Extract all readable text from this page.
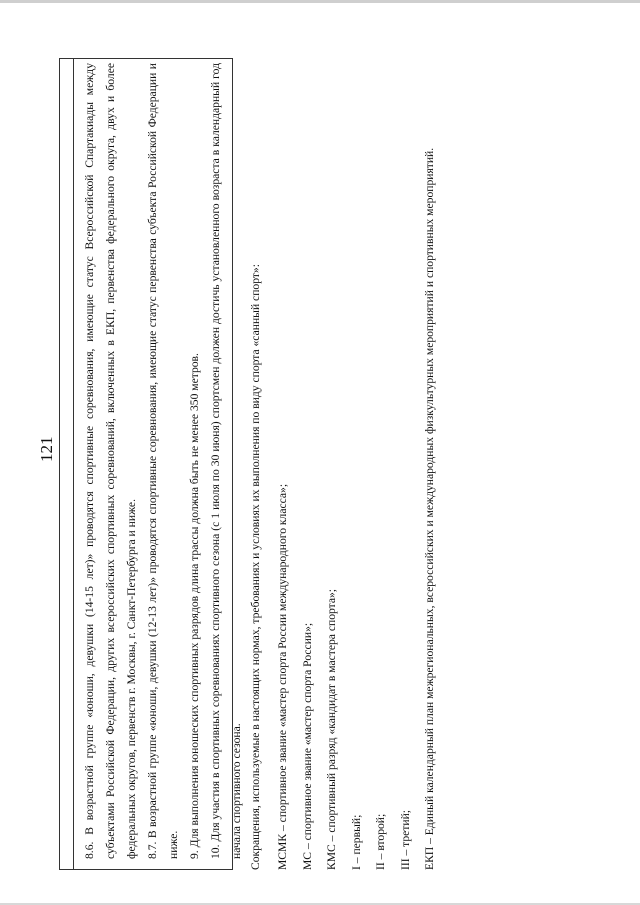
121	8.6. В возрастной группе «юноши, девушки (14-15 лет)» проводятся спортивные соревнования, имеющие статус Всероссийской Спартакиады между субъектами Российской Федерации, других всероссийских спортивных соревнований, включенных в ЕКП, первенства федерального округа, двух и более федеральных округов, первенств г. Москвы, г. Санкт-Петербурга и ниже. 8.7. В возрастной группе «юноши, девушки (12-13 лет)» проводятся спортивные соревнования, имеющие статус первенства субъекта Российской Федерации и ниже. 9. Для выполнения юношеских спортивных разрядов длина трассы должна быть не менее 350 метров. 10. Для участия в спортивных соревнованиях спортивного сезона (с 1 июля по 30 июня) спортсмен должен достичь установленного возраста в календарный год начала спортивного сезона. Сокращения, используемые в настоящих нормах, требованиях и условиях их выполнения по виду спорта «санный спорт»:	МСМК – спортивное звание «мастер спорта России международного класса»; МС – спортивное звание «мастер спорта России»; КМС – спортивный разряд «кандидат в мастера спорта»; I – первый; II – второй; III – третий; ЕКП – Единый календарный план межрегиональных, всероссийских и международных физкультурных мероприятий и спортивных мероприятий.
